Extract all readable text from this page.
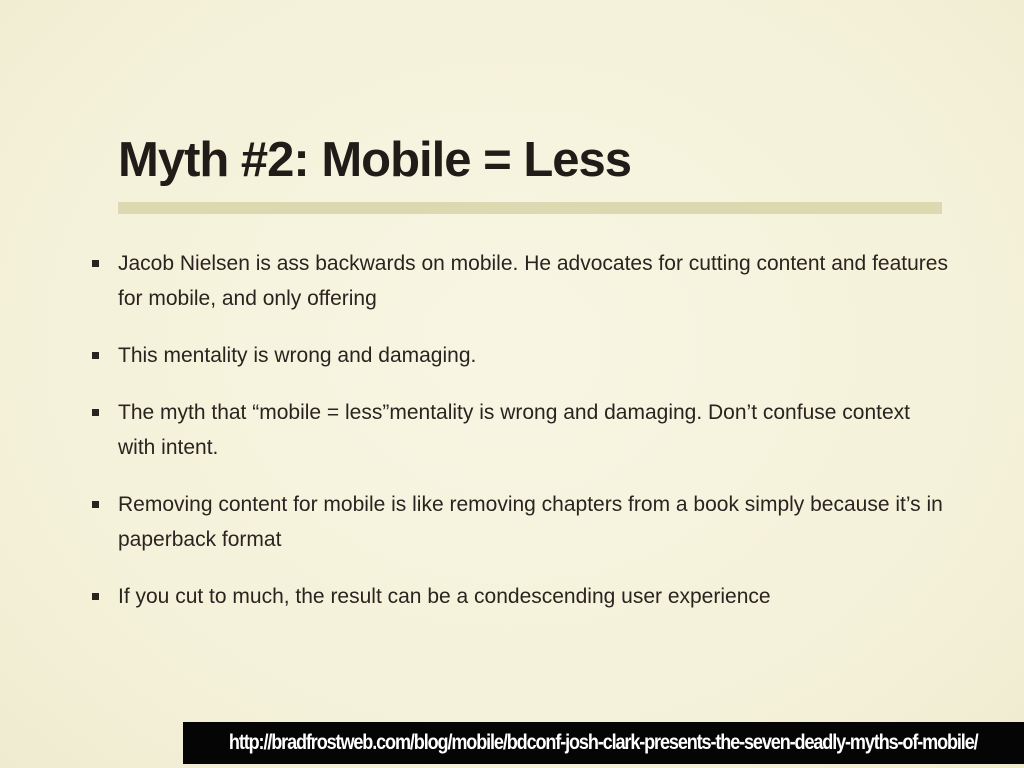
Myth #2: Mobile = Less
Jacob Nielsen is ass backwards on mobile. He advocates for cutting content and features for mobile, and only offering
This mentality is wrong and damaging.
The myth that “mobile = less”mentality is wrong and damaging. Don’t confuse context with intent.
Removing content for mobile is like removing chapters from a book simply because it’s in paperback format
If you cut to much, the result can be a condescending user experience
http://bradfrostweb.com/blog/mobile/bdconf-josh-clark-presents-the-seven-deadly-myths-of-mobile/
